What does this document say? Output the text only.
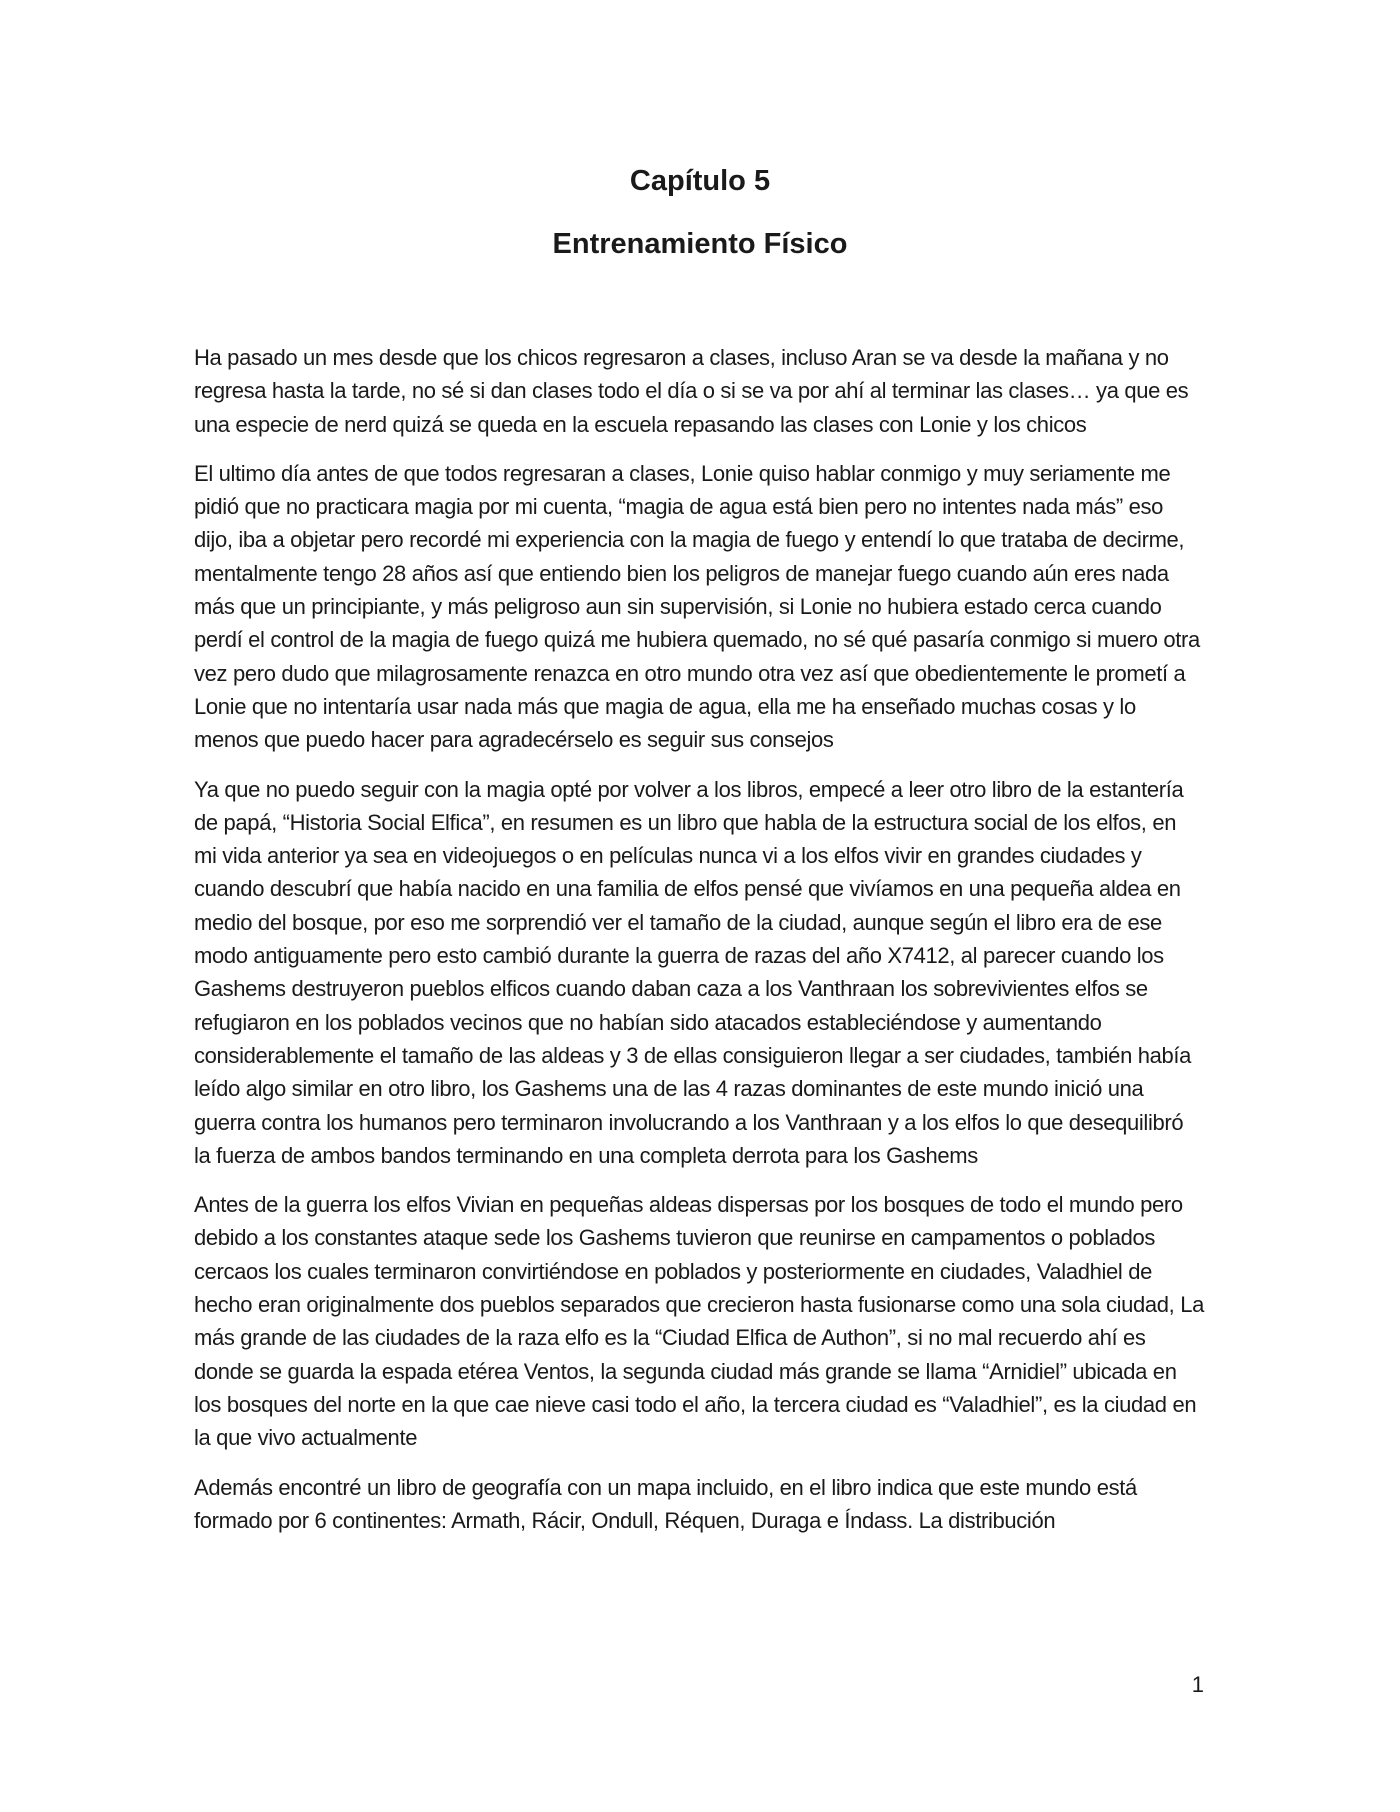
Capítulo 5
Entrenamiento Físico

Ha pasado un mes desde que los chicos regresaron a clases, incluso Aran se va desde la mañana y no regresa hasta la tarde, no sé si dan clases todo el día o si se va por ahí al terminar las clases… ya que es una especie de nerd quizá se queda en la escuela repasando las clases con Lonie y los chicos

El ultimo día antes de que todos regresaran a clases, Lonie quiso hablar conmigo y muy seriamente me pidió que no practicara magia por mi cuenta, “magia de agua está bien pero no intentes nada más” eso dijo, iba a objetar pero recordé mi experiencia con la magia de fuego y entendí lo que trataba de decirme, mentalmente tengo 28 años así que entiendo bien los peligros de manejar fuego cuando aún eres nada más que un principiante, y más peligroso aun sin supervisión, si Lonie no hubiera estado cerca cuando perdí el control de la magia de fuego quizá me hubiera quemado, no sé qué pasaría conmigo si muero otra vez pero dudo que milagrosamente renazca en otro mundo otra vez así que obedientemente le prometí a Lonie que no intentaría usar nada más que magia de agua, ella me ha enseñado muchas cosas y lo menos que puedo hacer para agradecérselo es seguir sus consejos

Ya que no puedo seguir con la magia opté por volver a los libros, empecé a leer otro libro de la estantería de papá, “Historia Social Elfica”, en resumen es un libro que habla de la estructura social de los elfos, en mi vida anterior ya sea en videojuegos o en películas nunca vi a los elfos vivir en grandes ciudades y cuando descubrí que había nacido en una familia de elfos pensé que vivíamos en una pequeña aldea en medio del bosque, por eso me sorprendió ver el tamaño de la ciudad, aunque según el libro era de ese modo antiguamente pero esto cambió durante la guerra de razas del año X7412, al parecer cuando los Gashems destruyeron pueblos elficos cuando daban caza a los Vanthraan los sobrevivientes elfos se refugiaron en los poblados vecinos que no habían sido atacados estableciéndose y aumentando considerablemente el tamaño de las aldeas y 3 de ellas consiguieron llegar a ser ciudades, también había leído algo similar en otro libro, los Gashems una de las 4 razas dominantes de este mundo inició una guerra contra los humanos pero terminaron involucrando a los Vanthraan y a los elfos lo que desequilibró la fuerza de ambos bandos terminando en una completa derrota para los Gashems

Antes de la guerra los elfos Vivian en pequeñas aldeas dispersas por los bosques de todo el mundo pero debido a los constantes ataque sede los Gashems tuvieron que reunirse en campamentos o poblados cercaos los cuales terminaron convirtiéndose en poblados y posteriormente en ciudades, Valadhiel de hecho eran originalmente dos pueblos separados que crecieron hasta fusionarse como una sola ciudad, La más grande de las ciudades de la raza elfo es la “Ciudad Elfica de Authon”, si no mal recuerdo ahí es donde se guarda la espada etérea Ventos, la segunda ciudad más grande se llama “Arnidiel” ubicada en los bosques del norte en la que cae nieve casi todo el año, la tercera ciudad es “Valadhiel”, es la ciudad en la que vivo actualmente

Además encontré un libro de geografía con un mapa incluido, en el libro indica que este mundo está formado por 6 continentes: Armath, Rácir, Ondull, Réquen, Duraga e Índass. La distribución

1
